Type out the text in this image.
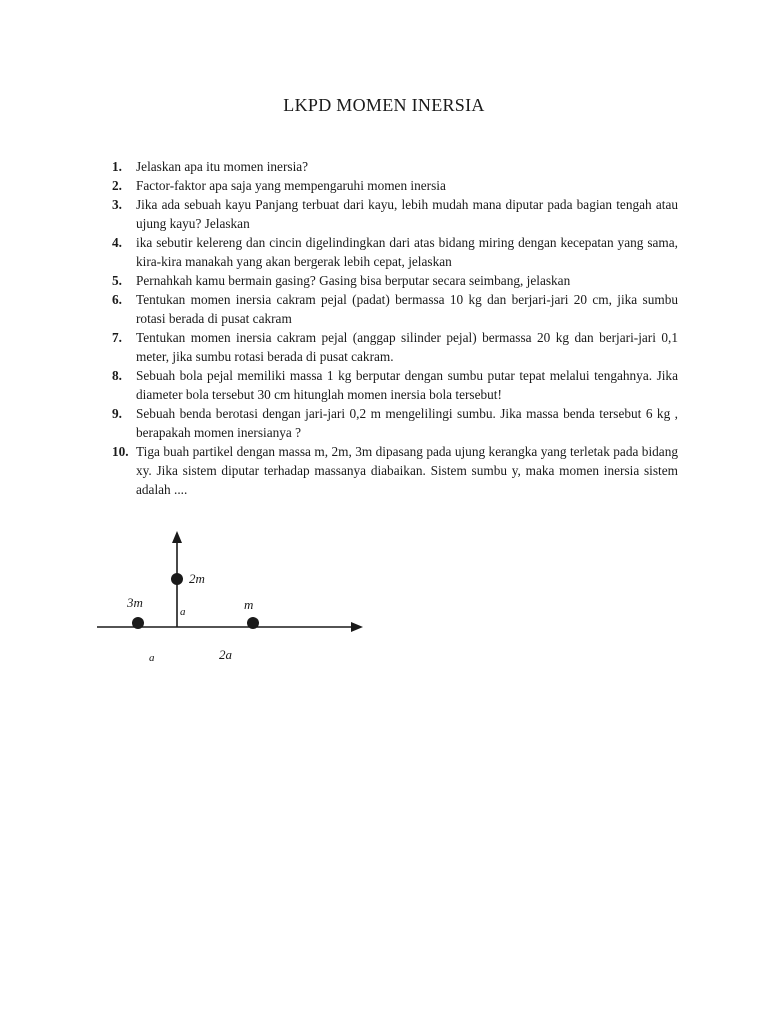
LKPD MOMEN INERSIA
1. Jelaskan apa itu momen inersia?
2. Factor-faktor apa saja yang mempengaruhi momen inersia
3. Jika ada sebuah kayu Panjang terbuat dari kayu, lebih mudah mana diputar pada bagian tengah atau ujung kayu? Jelaskan
4. ika sebutir kelereng dan cincin digelindingkan dari atas bidang miring dengan kecepatan yang sama, kira-kira manakah yang akan bergerak lebih cepat, jelaskan
5. Pernahkah kamu bermain gasing? Gasing bisa berputar secara seimbang, jelaskan
6. Tentukan momen inersia cakram pejal (padat) bermassa 10 kg dan berjari-jari 20 cm, jika sumbu rotasi berada di pusat cakram
7. Tentukan momen inersia cakram pejal (anggap silinder pejal) bermassa 20 kg dan berjari-jari 0,1 meter, jika sumbu rotasi berada di pusat cakram.
8. Sebuah bola pejal memiliki massa 1 kg berputar dengan sumbu putar tepat melalui tengahnya. Jika diameter bola tersebut 30 cm hitunglah momen inersia bola tersebut!
9. Sebuah benda berotasi dengan jari-jari 0,2 m mengelilingi sumbu. Jika massa benda tersebut 6 kg , berapakah momen inersianya ?
10. Tiga buah partikel dengan massa m, 2m, 3m dipasang pada ujung kerangka yang terletak pada bidang xy. Jika sistem diputar terhadap massanya diabaikan. Sistem sumbu y, maka momen inersia sistem adalah ....
2m
3m	m
a
a	2a
